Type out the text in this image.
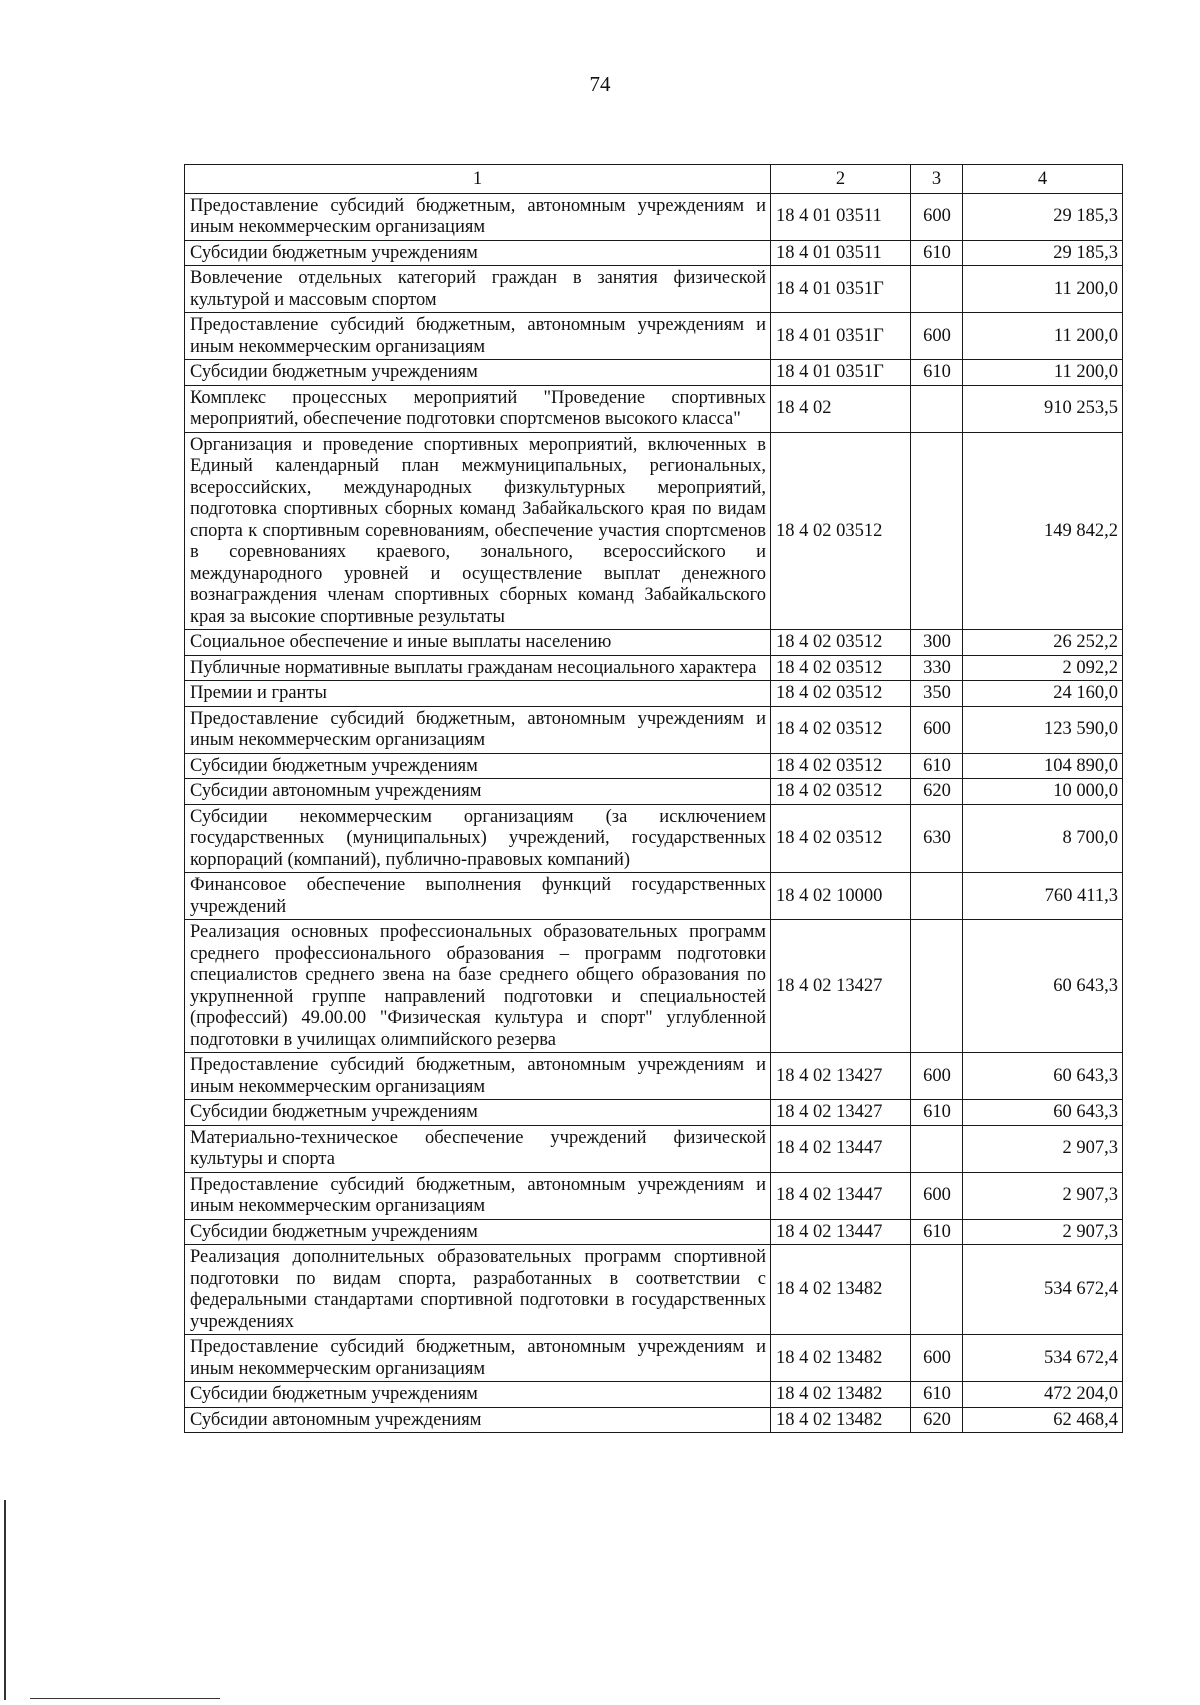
74
1	2	3	4
Предоставление субсидий бюджетным, автономным учреждениям и иным некоммерческим организациям	18 4 01 03511	600	29 185,3
Субсидии бюджетным учреждениям	18 4 01 03511	610	29 185,3
Вовлечение отдельных категорий граждан в занятия физической культурой и массовым спортом	18 4 01 0351Г		11 200,0
Предоставление субсидий бюджетным, автономным учреждениям и иным некоммерческим организациям	18 4 01 0351Г	600	11 200,0
Субсидии бюджетным учреждениям	18 4 01 0351Г	610	11 200,0
Комплекс процессных мероприятий "Проведение спортивных мероприятий, обеспечение подготовки спортсменов высокого класса"	18 4 02		910 253,5
Организация и проведение спортивных мероприятий, включенных в Единый календарный план межмуниципальных, региональных, всероссийских, международных физкультурных мероприятий, подготовка спортивных сборных команд Забайкальского края по видам спорта к спортивным соревнованиям, обеспечение участия спортсменов в соревнованиях краевого, зонального, всероссийского и международного уровней и осуществление выплат денежного вознаграждения членам спортивных сборных команд Забайкальского края за высокие спортивные результаты	18 4 02 03512		149 842,2
Социальное обеспечение и иные выплаты населению	18 4 02 03512	300	26 252,2
Публичные нормативные выплаты гражданам несоциального характера	18 4 02 03512	330	2 092,2
Премии и гранты	18 4 02 03512	350	24 160,0
Предоставление субсидий бюджетным, автономным учреждениям и иным некоммерческим организациям	18 4 02 03512	600	123 590,0
Субсидии бюджетным учреждениям	18 4 02 03512	610	104 890,0
Субсидии автономным учреждениям	18 4 02 03512	620	10 000,0
Субсидии некоммерческим организациям (за исключением государственных (муниципальных) учреждений, государственных корпораций (компаний), публично-правовых компаний)	18 4 02 03512	630	8 700,0
Финансовое обеспечение выполнения функций государственных учреждений	18 4 02 10000		760 411,3
Реализация основных профессиональных образовательных программ среднего профессионального образования – программ подготовки специалистов среднего звена на базе среднего общего образования по укрупненной группе направлений подготовки и специальностей (профессий) 49.00.00 "Физическая культура и спорт" углубленной подготовки в училищах олимпийского резерва	18 4 02 13427		60 643,3
Предоставление субсидий бюджетным, автономным учреждениям и иным некоммерческим организациям	18 4 02 13427	600	60 643,3
Субсидии бюджетным учреждениям	18 4 02 13427	610	60 643,3
Материально-техническое обеспечение учреждений физической культуры и спорта	18 4 02 13447		2 907,3
Предоставление субсидий бюджетным, автономным учреждениям и иным некоммерческим организациям	18 4 02 13447	600	2 907,3
Субсидии бюджетным учреждениям	18 4 02 13447	610	2 907,3
Реализация дополнительных образовательных программ спортивной подготовки по видам спорта, разработанных в соответствии с федеральными стандартами спортивной подготовки в государственных учреждениях	18 4 02 13482		534 672,4
Предоставление субсидий бюджетным, автономным учреждениям и иным некоммерческим организациям	18 4 02 13482	600	534 672,4
Субсидии бюджетным учреждениям	18 4 02 13482	610	472 204,0
Субсидии автономным учреждениям	18 4 02 13482	620	62 468,4
